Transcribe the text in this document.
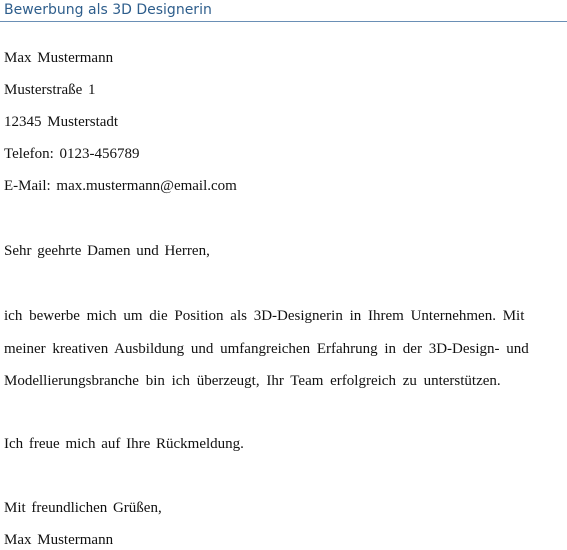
Bewerbung als 3D Designerin
Max Mustermann
Musterstraße 1
12345 Musterstadt
Telefon: 0123-456789
E-Mail: max.mustermann@email.com
Sehr geehrte Damen und Herren,
ich bewerbe mich um die Position als 3D-Designerin in Ihrem Unternehmen. Mit
meiner kreativen Ausbildung und umfangreichen Erfahrung in der 3D-Design- und
Modellierungsbranche bin ich überzeugt, Ihr Team erfolgreich zu unterstützen.
Ich freue mich auf Ihre Rückmeldung.
Mit freundlichen Grüßen,
Max Mustermann
